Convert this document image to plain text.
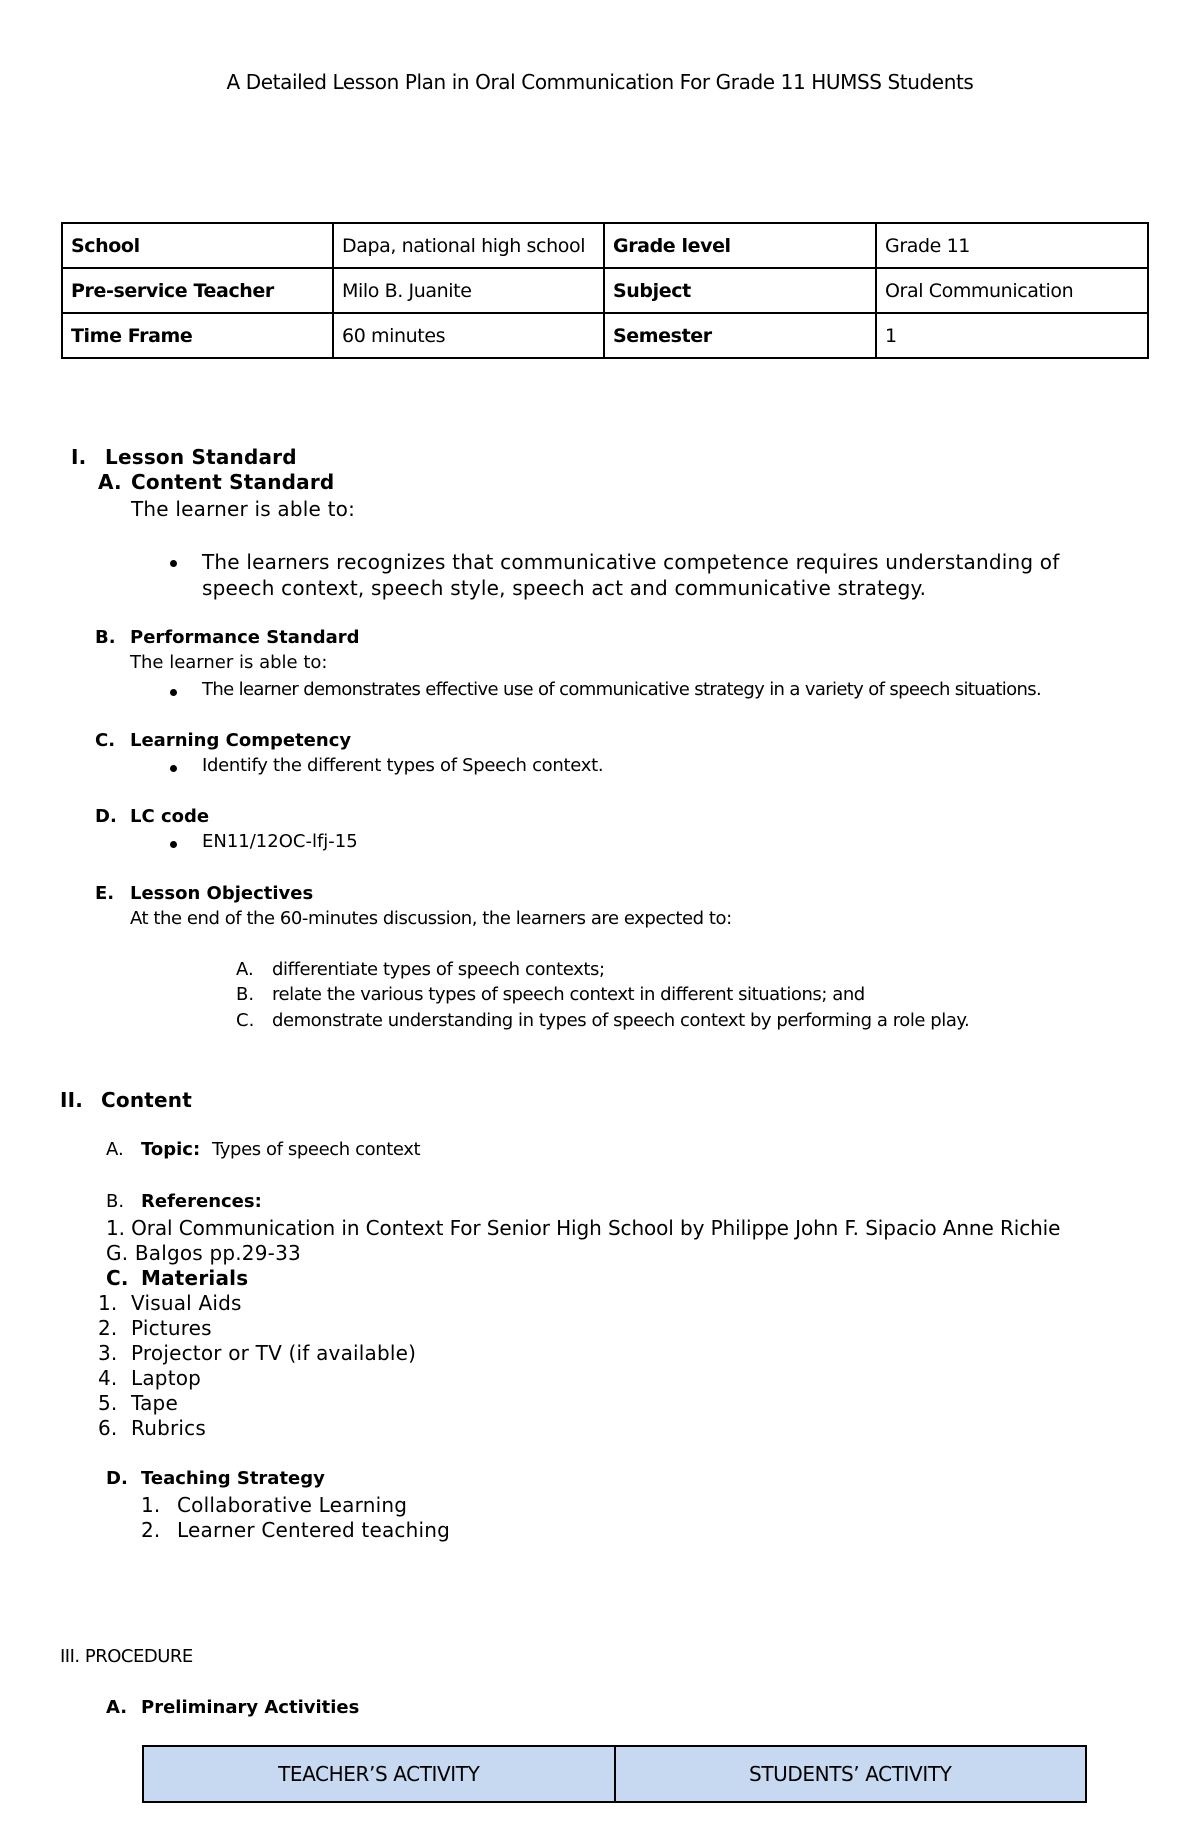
A Detailed Lesson Plan in Oral Communication For Grade 11 HUMSS Students
School	Dapa, national high school	Grade level	Grade 11
Pre-service Teacher	Milo B. Juanite	Subject	Oral Communication
Time Frame	60 minutes	Semester	1
I. Lesson Standard
A. Content Standard
The learner is able to:
The learners recognizes that communicative competence requires understanding of
speech context, speech style, speech act and communicative strategy.
B. Performance Standard
The learner is able to:
The learner demonstrates effective use of communicative strategy in a variety of speech situations.
C. Learning Competency
Identify the different types of Speech context.
D. LC code
EN11/12OC-lfj-15
E. Lesson Objectives
At the end of the 60-minutes discussion, the learners are expected to:
A. differentiate types of speech contexts;
B. relate the various types of speech context in different situations; and
C. demonstrate understanding in types of speech context by performing a role play.
II. Content
A. Topic: Types of speech context
B. References:
1. Oral Communication in Context For Senior High School by Philippe John F. Sipacio Anne Richie
G. Balgos pp.29-33
C. Materials
1. Visual Aids
2. Pictures
3. Projector or TV (if available)
4. Laptop
5. Tape
6. Rubrics
D. Teaching Strategy
1. Collaborative Learning
2. Learner Centered teaching
III. PROCEDURE
A. Preliminary Activities
TEACHER’S ACTIVITY	STUDENTS’ ACTIVITY
